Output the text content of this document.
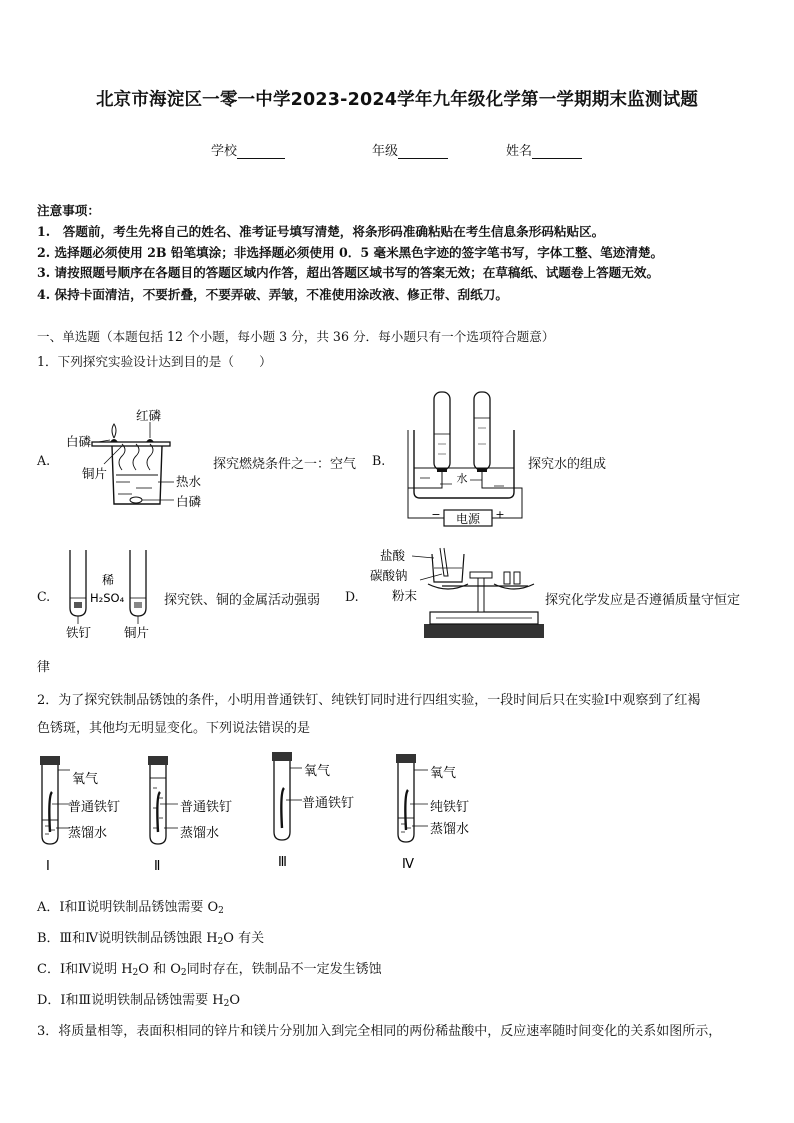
北京市海淀区一零一中学2023-2024学年九年级化学第一学期期末监测试题
学校	年级	姓名
注意事项：
1.　答题前，考生先将自己的姓名、准考证号填写清楚，将条形码准确粘贴在考生信息条形码粘贴区。
2. 选择题必须使用 2B 铅笔填涂；非选择题必须使用 0．5 毫米黑色字迹的签字笔书写，字体工整、笔迹清楚。
3. 请按照题号顺序在各题目的答题区域内作答，超出答题区域书写的答案无效；在草稿纸、试题卷上答题无效。
4. 保持卡面清洁，不要折叠，不要弄破、弄皱，不准使用涂改液、修正带、刮纸刀。
一、单选题（本题包括 12 个小题，每小题 3 分，共 36 分．每小题只有一个选项符合题意）
1．下列探究实验设计达到目的是（　　）
A.
红磷
白磷
铜片
热水
白磷
探究燃烧条件之一：空气 B.
电源
−	+
水
探究水的组成
C.
稀
H₂SO₄
铁钉	铜片
探究铁、铜的金属活动强弱 D.
盐酸
碳酸钠
粉末	探究化学发应是否遵循质量守恒定
律
2．为了探究铁制品锈蚀的条件，小明用普通铁钉、纯铁钉同时进行四组实验，一段时间后只在实验Ⅰ中观察到了红褐
色锈斑，其他均无明显变化。下列说法错误的是
氧气
普通铁钉
蒸馏水
Ⅰ
普通铁钉
蒸馏水
Ⅱ
氧气
普通铁钉
Ⅲ
氧气
纯铁钉
蒸馏水
Ⅳ
A．Ⅰ和Ⅱ说明铁制品锈蚀需要 $O_2$
B．Ⅲ和Ⅳ说明铁制品锈蚀跟 $H_2O$ 有关
C．Ⅰ和Ⅳ说明 $H_2O$ 和 $O_2$同时存在，铁制品不一定发生锈蚀
D．Ⅰ和Ⅲ说明铁制品锈蚀需要 $H_2O$
3．将质量相等，表面积相同的锌片和镁片分别加入到完全相同的两份稀盐酸中，反应速率随时间变化的关系如图所示，
